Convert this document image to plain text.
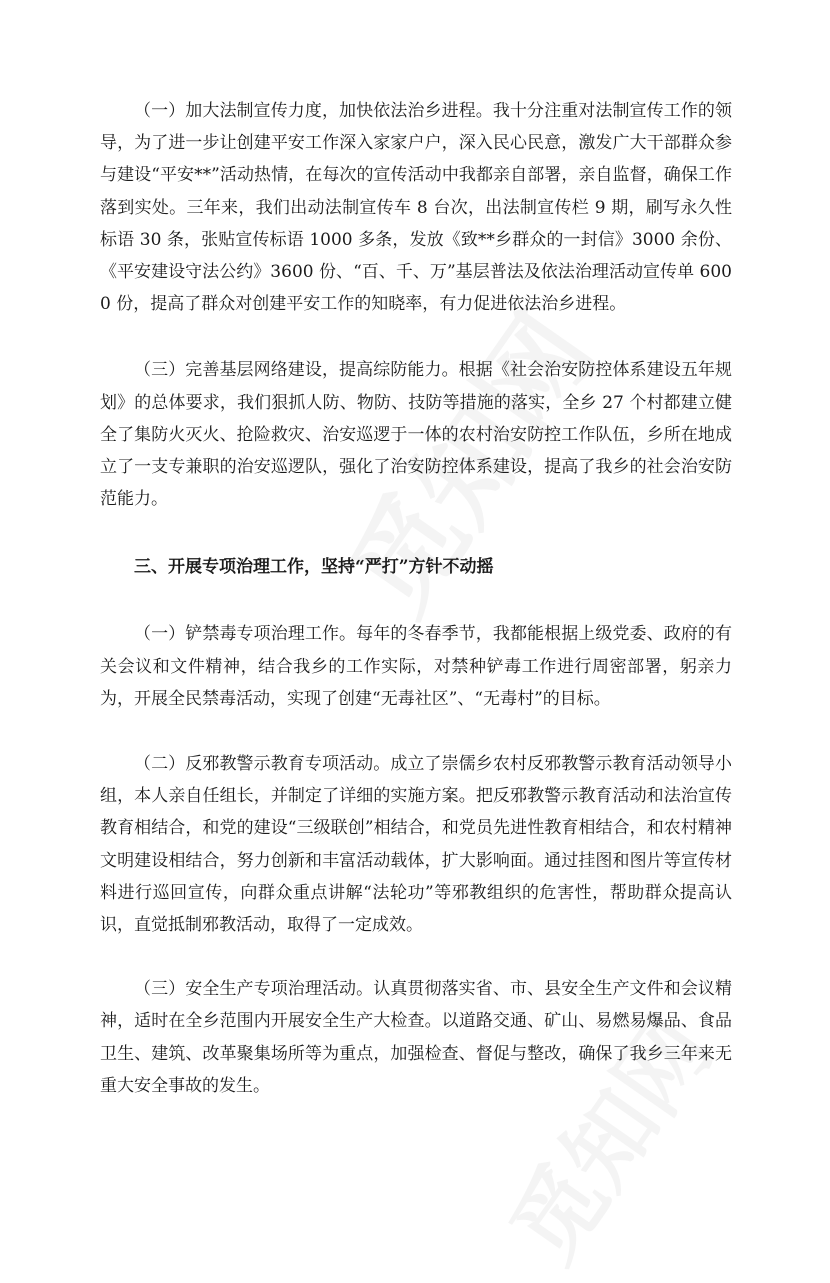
（一）加大法制宣传力度，加快依法治乡进程。我十分注重对法制宣传工作的领导，为了进一步让创建平安工作深入家家户户，深入民心民意，激发广大干部群众参与建设“平安**”活动热情，在每次的宣传活动中我都亲自部署，亲自监督，确保工作落到实处。三年来，我们出动法制宣传车 8 台次，出法制宣传栏 9 期，刷写永久性标语 30 条，张贴宣传标语 1000 多条，发放《致**乡群众的一封信》3000 余份、《平安建设守法公约》3600 份、“百、千、万”基层普法及依法治理活动宣传单 6000 份，提高了群众对创建平安工作的知晓率，有力促进依法治乡进程。

（三）完善基层网络建设，提高综防能力。根据《社会治安防控体系建设五年规划》的总体要求，我们狠抓人防、物防、技防等措施的落实，全乡 27 个村都建立健全了集防火灭火、抢险救灾、治安巡逻于一体的农村治安防控工作队伍，乡所在地成立了一支专兼职的治安巡逻队，强化了治安防控体系建设，提高了我乡的社会治安防范能力。

三、开展专项治理工作，坚持“严打”方针不动摇

（一）铲禁毒专项治理工作。每年的冬春季节，我都能根据上级党委、政府的有关会议和文件精神，结合我乡的工作实际，对禁种铲毒工作进行周密部署，躬亲力为，开展全民禁毒活动，实现了创建“无毒社区”、“无毒村”的目标。

（二）反邪教警示教育专项活动。成立了崇儒乡农村反邪教警示教育活动领导小组，本人亲自任组长，并制定了详细的实施方案。把反邪教警示教育活动和法治宣传教育相结合，和党的建设“三级联创”相结合，和党员先进性教育相结合，和农村精神文明建设相结合，努力创新和丰富活动载体，扩大影响面。通过挂图和图片等宣传材料进行巡回宣传，向群众重点讲解“法轮功”等邪教组织的危害性，帮助群众提高认识，直觉抵制邪教活动，取得了一定成效。

（三）安全生产专项治理活动。认真贯彻落实省、市、县安全生产文件和会议精神，适时在全乡范围内开展安全生产大检查。以道路交通、矿山、易燃易爆品、食品卫生、建筑、改革聚集场所等为重点，加强检查、督促与整改，确保了我乡三年来无重大安全事故的发生。
